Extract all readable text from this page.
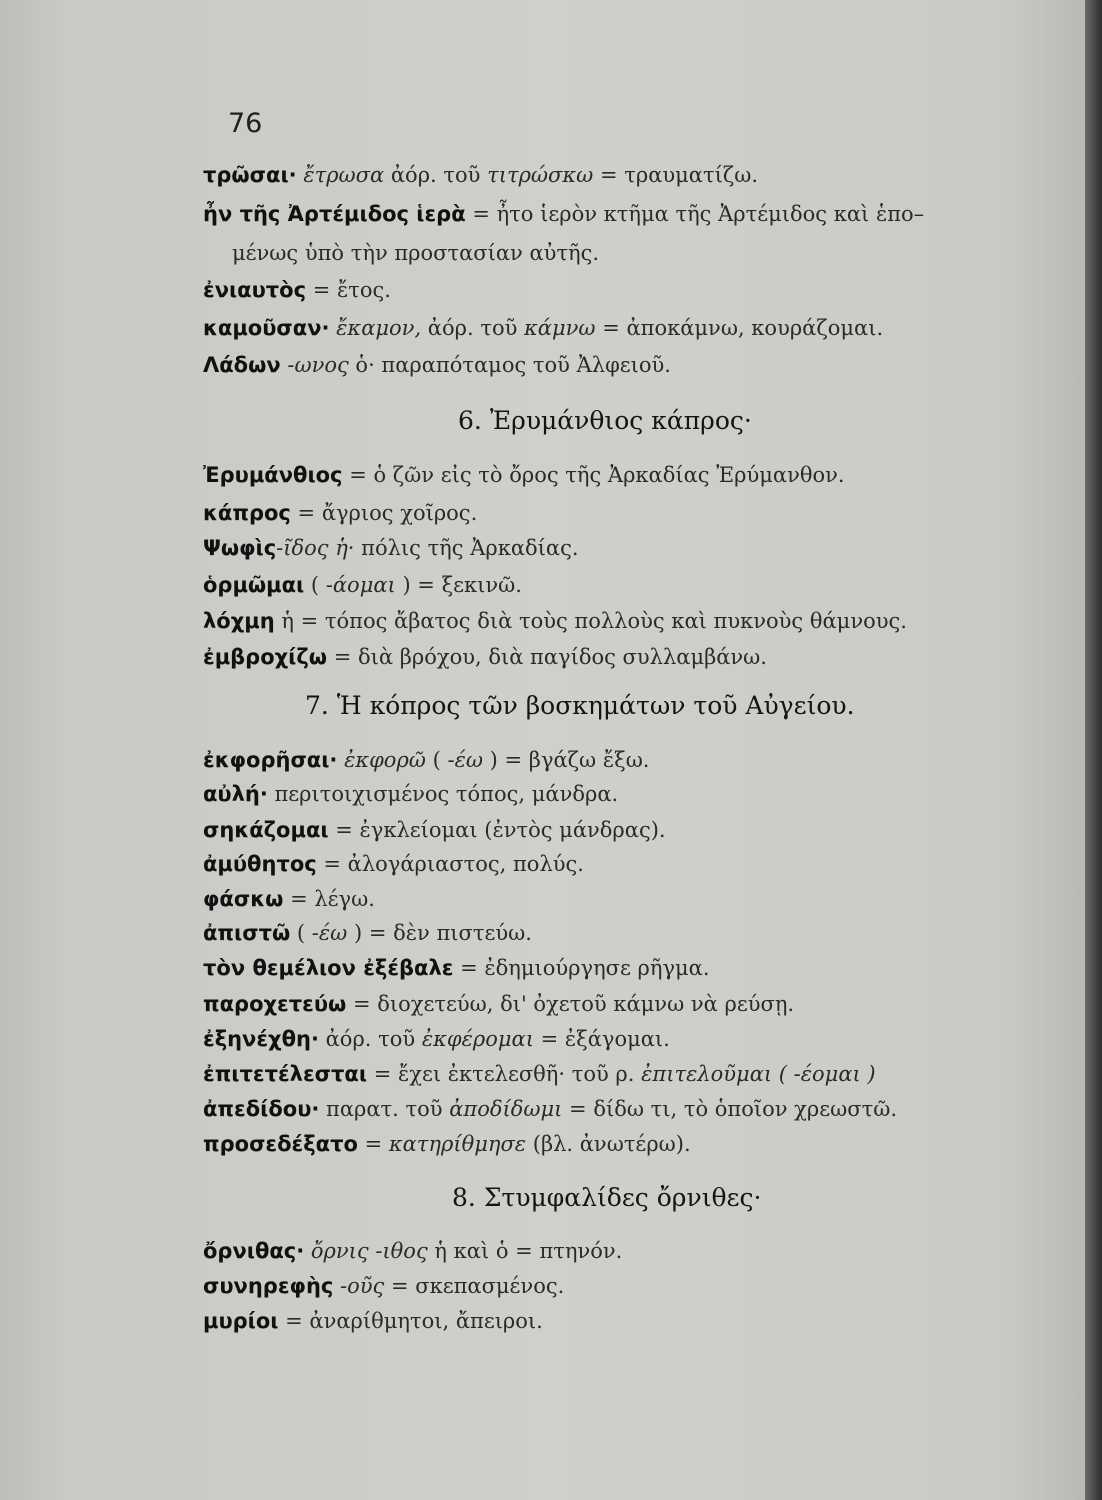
76
6. Ἐρυμάνθιος κάπρος·
7. Ἡ κόπρος τῶν βοσκημάτων τοῦ Αὐγείου.
8. Στυμφαλίδες ὄρνιθες·
τρῶσαι· ἔτρωσα ἀόρ. τοῦ τιτρώσκω = τραυματίζω.
ἦν τῆς Ἀρτέμιδος ἱερὰ = ἦτο ἱερὸν κτῆμα τῆς Ἀρτέμιδος καὶ ἑπο–
μένως ὑπὸ τὴν προστασίαν αὐτῆς.
ἐνιαυτὸς = ἔτος.
καμοῦσαν· ἔκαμον, ἀόρ. τοῦ κάμνω = ἀποκάμνω, κουράζομαι.
Λάδων -ωνος ὁ· παραπόταμος τοῦ Ἀλφειοῦ.
Ἐρυμάνθιος = ὁ ζῶν εἰς τὸ ὄρος τῆς Ἀρκαδίας Ἐρύμανθον.
κάπρος = ἄγριος χοῖρος.
Ψωφὶς-ῖδος ἡ· πόλις τῆς Ἀρκαδίας.
ὁρμῶμαι ( -άομαι ) = ξεκινῶ.
λόχμη ἡ = τόπος ἄβατος διὰ τοὺς πολλοὺς καὶ πυκνοὺς θάμνους.
ἐμβροχίζω = διὰ βρόχου, διὰ παγίδος συλλαμβάνω.
ἐκφορῆσαι· ἐκφορῶ ( -έω ) = βγάζω ἔξω.
αὐλή· περιτοιχισμένος τόπος, μάνδρα.
σηκάζομαι = ἐγκλείομαι (ἐντὸς μάνδρας).
ἀμύθητος = ἀλογάριαστος, πολύς.
φάσκω = λέγω.
ἀπιστῶ ( -έω ) = δὲν πιστεύω.
τὸν θεμέλιον ἐξέβαλε = ἐδημιούργησε ρῆγμα.
παροχετεύω = διοχετεύω, δι' ὀχετοῦ κάμνω νὰ ρεύσῃ.
ἐξηνέχθη· ἀόρ. τοῦ ἐκφέρομαι = ἐξάγομαι.
ἐπιτετέλεσται = ἔχει ἐκτελεσθῆ· τοῦ ρ. ἐπιτελοῦμαι ( -έομαι )
ἀπεδίδου· παρατ. τοῦ ἀποδίδωμι = δίδω τι, τὸ ὁποῖον χρεωστῶ.
προσεδέξατο = κατηρίθμησε (βλ. ἀνωτέρω).
ὄρνιθας· ὄρνις -ιθος ἡ καὶ ὁ = πτηνόν.
συνηρεφὴς -οῦς = σκεπασμένος.
μυρίοι = ἀναρίθμητοι, ἄπειροι.
